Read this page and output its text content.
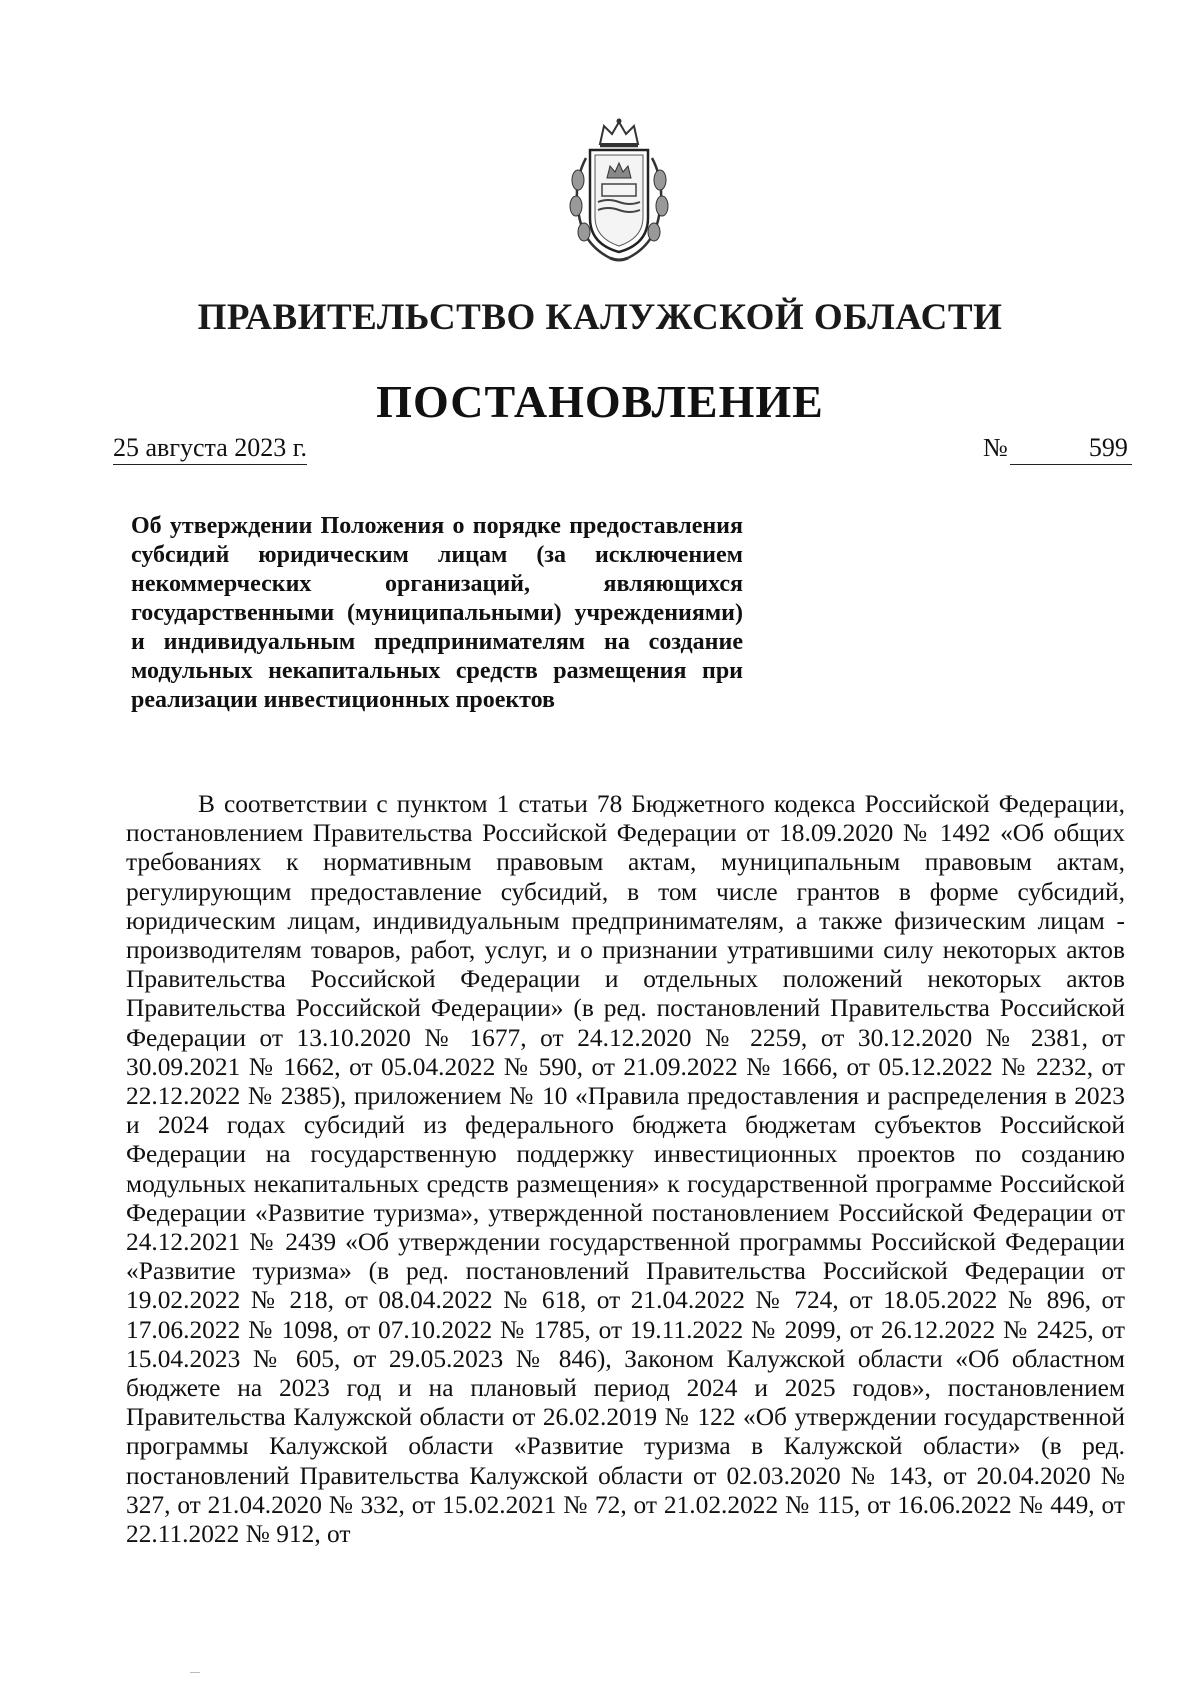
ПРАВИТЕЛЬСТВО КАЛУЖСКОЙ ОБЛАСТИ
ПОСТАНОВЛЕНИЕ
25 августа 2023 г.	№	599
Об утверждении Положения о порядке предоставления субсидий юридическим лицам (за исключением некоммерческих организаций, являющихся государственными (муниципальными) учреждениями) и индивидуальным предпринимателям на создание модульных некапитальных средств размещения при реализации инвестиционных проектов

В соответствии с пунктом 1 статьи 78 Бюджетного кодекса Российской Федерации, постановлением Правительства Российской Федерации от 18.09.2020 № 1492 «Об общих требованиях к нормативным правовым актам, муниципальным правовым актам, регулирующим предоставление субсидий, в том числе грантов в форме субсидий, юридическим лицам, индивидуальным предпринимателям, а также физическим лицам - производителям товаров, работ, услуг, и о признании утратившими силу некоторых актов Правительства Российской Федерации и отдельных положений некоторых актов Правительства Российской Федерации» (в ред. постановлений Правительства Российской Федерации от 13.10.2020 № 1677, от 24.12.2020 № 2259, от 30.12.2020 № 2381, от 30.09.2021 № 1662, от 05.04.2022 № 590, от 21.09.2022 № 1666, от 05.12.2022 № 2232, от 22.12.2022 № 2385), приложением № 10 «Правила предоставления и распределения в 2023 и 2024 годах субсидий из федерального бюджета бюджетам субъектов Российской Федерации на государственную поддержку инвестиционных проектов по созданию модульных некапитальных средств размещения» к государственной программе Российской Федерации «Развитие туризма», утвержденной постановлением Российской Федерации от 24.12.2021 № 2439 «Об утверждении государственной программы Российской Федерации «Развитие туризма» (в ред. постановлений Правительства Российской Федерации от 19.02.2022 № 218, от 08.04.2022 № 618, от 21.04.2022 № 724, от 18.05.2022 № 896, от 17.06.2022 № 1098, от 07.10.2022 № 1785, от 19.11.2022 № 2099, от 26.12.2022 № 2425, от 15.04.2023 № 605, от 29.05.2023 № 846), Законом Калужской области «Об областном бюджете на 2023 год и на плановый период 2024 и 2025 годов», постановлением Правительства Калужской области от 26.02.2019 № 122 «Об утверждении государственной программы Калужской области «Развитие туризма в Калужской области» (в ред. постановлений Правительства Калужской области от 02.03.2020 № 143, от 20.04.2020 № 327, от 21.04.2020 № 332, от 15.02.2021 № 72, от 21.02.2022 № 115, от 16.06.2022 № 449, от 22.11.2022 № 912, от
